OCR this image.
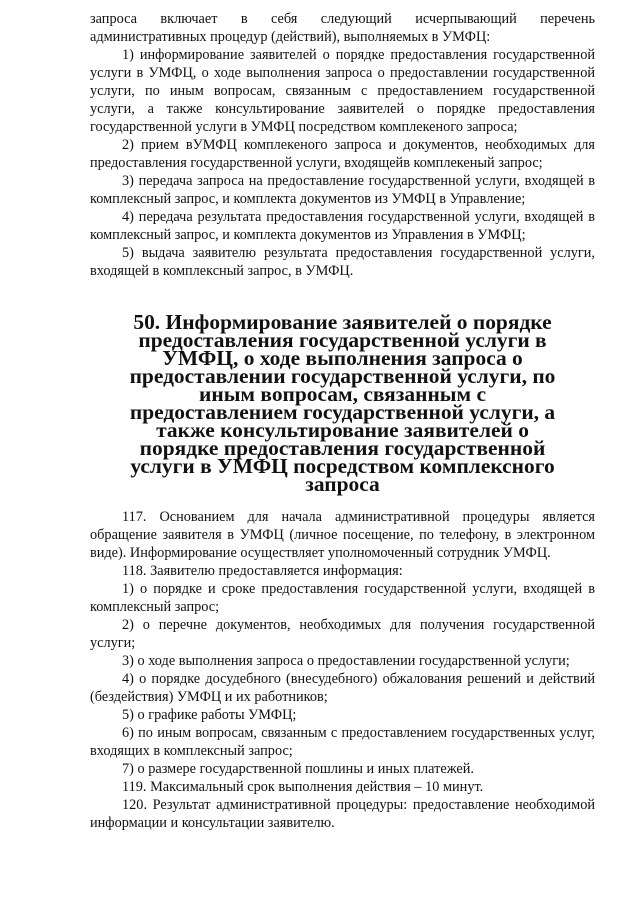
запроса включает в себя следующий исчерпывающий перечень административных процедур (действий), выполняемых в УМФЦ:

1) информирование заявителей о порядке предоставления государственной услуги в УМФЦ, о ходе выполнения запроса о предоставлении государственной услуги, по иным вопросам, связанным с предоставлением государственной услуги, а также консультирование заявителей о порядке предоставления государственной услуги в УМФЦ посредством комплекеного запроса;

2) прием вУМФЦ комплекеного запроса и документов, необходимых для предоставления государственной услуги, входящейв комплекеный запрос;

3) передача запроса на предоставление государственной услуги, входящей в комплексный запрос, и комплекта документов из УМФЦ в Управление;

4) передача результата предоставления государственной услуги, входящей в комплексный запрос, и комплекта документов из Управления в УМФЦ;

5) выдача заявителю результата предоставления государственной услуги, входящей в комплексный запрос, в УМФЦ.

50. Информирование заявителей о порядке предоставления государственной услуги в УМФЦ, о ходе выполнения запроса о предоставлении государственной услуги, по иным вопросам, связанным с предоставлением государственной услуги, а также консультирование заявителей о порядке предоставления государственной услуги в УМФЦ посредством комплексного запроса

117. Основанием для начала административной процедуры является обращение заявителя в УМФЦ (личное посещение, по телефону, в электронном виде). Информирование осуществляет уполномоченный сотрудник УМФЦ.

118. Заявителю предоставляется информация:

1) о порядке и сроке предоставления государственной услуги, входящей в комплексный запрос;

2) о перечне документов, необходимых для получения государственной услуги;

3) о ходе выполнения запроса о предоставлении государственной услуги;

4) о порядке досудебного (внесудебного) обжалования решений и действий (бездействия) УМФЦ и их работников;

5) о графике работы УМФЦ;

6) по иным вопросам, связанным с предоставлением государственных услуг, входящих в комплексный запрос;

7) о размере государственной пошлины и иных платежей.

119. Максимальный срок выполнения действия – 10 минут.

120. Результат административной процедуры: предоставление необходимой информации и консультации заявителю.
